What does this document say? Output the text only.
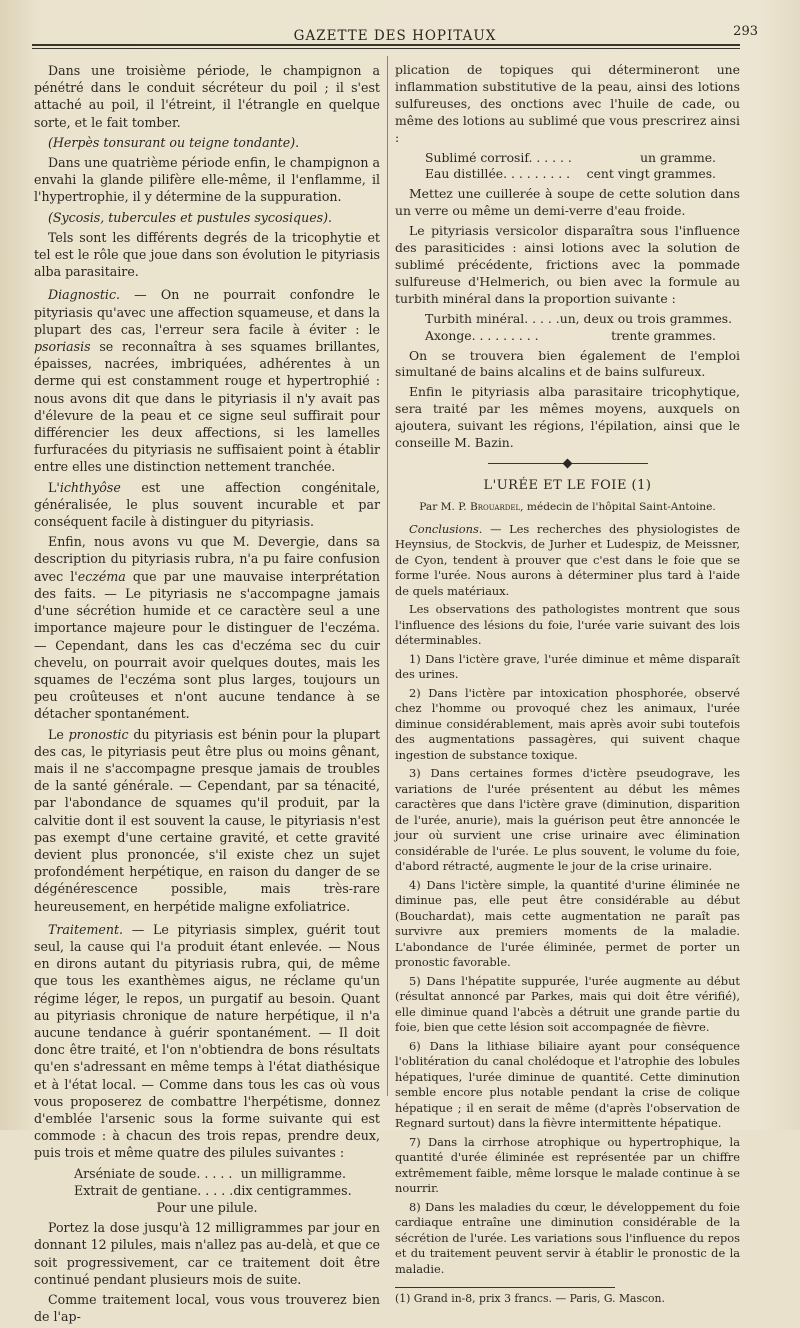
GAZETTE DES HOPITAUX	293

Dans une troisième période, le champignon a pénétré dans le conduit sécréteur du poil ; il s'est attaché au poil, il l'étreint, il l'étrangle en quelque sorte, et le fait tomber.

(Herpès tonsurant ou teigne tondante).

Dans une quatrième période enfin, le champignon a envahi la glande pilifère elle-même, il l'enflamme, il l'hypertrophie, il y détermine de la suppuration.

(Sycosis, tubercules et pustules sycosiques).

Tels sont les différents degrés de la tricophytie et tel est le rôle que joue dans son évolution le pityriasis alba parasitaire.

Diagnostic. — On ne pourrait confondre le pityriasis qu'avec une affection squameuse, et dans la plupart des cas, l'erreur sera facile à éviter : le psoriasis se reconnaîtra à ses squames brillantes, épaisses, nacrées, imbriquées, adhérentes à un derme qui est constamment rouge et hypertrophié : nous avons dit que dans le pityriasis il n'y avait pas d'élevure de la peau et ce signe seul suffirait pour différencier les deux affections, si les lamelles furfuracées du pityriasis ne suffisaient point à établir entre elles une distinction nettement tranchée.

L'ichthyôse est une affection congénitale, généralisée, le plus souvent incurable et par conséquent facile à distinguer du pityriasis.

Enfin, nous avons vu que M. Devergie, dans sa description du pityriasis rubra, n'a pu faire confusion avec l'eczéma que par une mauvaise interprétation des faits. — Le pityriasis ne s'accompagne jamais d'une sécrétion humide et ce caractère seul a une importance majeure pour le distinguer de l'eczéma. — Cependant, dans les cas d'eczéma sec du cuir chevelu, on pourrait avoir quelques doutes, mais les squames de l'eczéma sont plus larges, toujours un peu croûteuses et n'ont aucune tendance à se détacher spontanément.

Le pronostic du pityriasis est bénin pour la plupart des cas, le pityriasis peut être plus ou moins gênant, mais il ne s'accompagne presque jamais de troubles de la santé générale. — Cependant, par sa ténacité, par l'abondance de squames qu'il produit, par la calvitie dont il est souvent la cause, le pityriasis n'est pas exempt d'une certaine gravité, et cette gravité devient plus prononcée, s'il existe chez un sujet profondément herpétique, en raison du danger de se dégénérescence possible, mais très-rare heureusement, en herpétide maligne exfoliatrice.

Traitement. — Le pityriasis simplex, guérit tout seul, la cause qui l'a produit étant enlevée. — Nous en dirons autant du pityriasis rubra, qui, de même que tous les exanthèmes aigus, ne réclame qu'un régime léger, le repos, un purgatif au besoin. Quant au pityriasis chronique de nature herpétique, il n'a aucune tendance à guérir spontanément. — Il doit donc être traité, et l'on n'obtiendra de bons résultats qu'en s'adressant en même temps à l'état diathésique et à l'état local. — Comme dans tous les cas où vous vous proposerez de combattre l'herpétisme, donnez d'emblée l'arsenic sous la forme suivante qui est commode : à chacun des trois repas, prendre deux, puis trois et même quatre des pilules suivantes :

Arséniate de soude. . . . . un milligramme.
Extrait de gentiane. . . . . dix centigrammes.

Pour une pilule.

Portez la dose jusqu'à 12 milligrammes par jour en donnant 12 pilules, mais n'allez pas au-delà, et que ce soit progressivement, car ce traitement doit être continué pendant plusieurs mois de suite.

Comme traitement local, vous vous trouverez bien de l'ap-

plication de topiques qui détermineront une inflammation substitutive de la peau, ainsi des lotions sulfureuses, des onctions avec l'huile de cade, ou même des lotions au sublimé que vous prescrirez ainsi :

Sublimé corrosif. . . . . .	un gramme.
Eau distillée. . . . . . . . . cent vingt grammes.

Mettez une cuillerée à soupe de cette solution dans un verre ou même un demi-verre d'eau froide.

Le pityriasis versicolor disparaîtra sous l'influence des parasiticides : ainsi lotions avec la solution de sublimé précédente, frictions avec la pommade sulfureuse d'Helmerich, ou bien avec la formule au turbith minéral dans la proportion suivante :

Turbith minéral. . . . . un, deux ou trois grammes.
Axonge. . . . . . . . .	trente grammes.

On se trouvera bien également de l'emploi simultané de bains alcalins et de bains sulfureux.

Enfin le pityriasis alba parasitaire tricophytique, sera traité par les mêmes moyens, auxquels on ajoutera, suivant les régions, l'épilation, ainsi que le conseille M. Bazin.

L'URÉE ET LE FOIE (1)
Par M. P. Brouardel, médecin de l'hôpital Saint-Antoine.

Conclusions. — Les recherches des physiologistes de Heynsius, de Stockvis, de Jurher et Ludespiz, de Meissner, de Cyon, tendent à prouver que c'est dans le foie que se forme l'urée. Nous aurons à déterminer plus tard à l'aide de quels matériaux.

Les observations des pathologistes montrent que sous l'influence des lésions du foie, l'urée varie suivant des lois déterminables.

1) Dans l'ictère grave, l'urée diminue et même disparaît des urines.

2) Dans l'ictère par intoxication phosphorée, observé chez l'homme ou provoqué chez les animaux, l'urée diminue considérablement, mais après avoir subi toutefois des augmentations passagères, qui suivent chaque ingestion de substance toxique.

3) Dans certaines formes d'ictère pseudograve, les variations de l'urée présentent au début les mêmes caractères que dans l'ictère grave (diminution, disparition de l'urée, anurie), mais la guérison peut être annoncée le jour où survient une crise urinaire avec élimination considérable de l'urée. Le plus souvent, le volume du foie, d'abord rétracté, augmente le jour de la crise urinaire.

4) Dans l'ictère simple, la quantité d'urine éliminée ne diminue pas, elle peut être considérable au début (Bouchardat), mais cette augmentation ne paraît pas survivre aux premiers moments de la maladie. L'abondance de l'urée éliminée, permet de porter un pronostic favorable.

5) Dans l'hépatite suppurée, l'urée augmente au début (résultat annoncé par Parkes, mais qui doit être vérifié), elle diminue quand l'abcès a détruit une grande partie du foie, bien que cette lésion soit accompagnée de fièvre.

6) Dans la lithiase biliaire ayant pour conséquence l'oblitération du canal cholédoque et l'atrophie des lobules hépatiques, l'urée diminue de quantité. Cette diminution semble encore plus notable pendant la crise de colique hépatique ; il en serait de même (d'après l'observation de Regnard surtout) dans la fièvre intermittente hépatique.

7) Dans la cirrhose atrophique ou hypertrophique, la quantité d'urée éliminée est représentée par un chiffre extrêmement faible, même lorsque le malade continue à se nourrir.

8) Dans les maladies du cœur, le développement du foie cardiaque entraîne une diminution considérable de la sécrétion de l'urée. Les variations sous l'influence du repos et du traitement peuvent servir à établir le pronostic de la maladie.

(1) Grand in-8, prix 3 francs. — Paris, G. Mascon.
